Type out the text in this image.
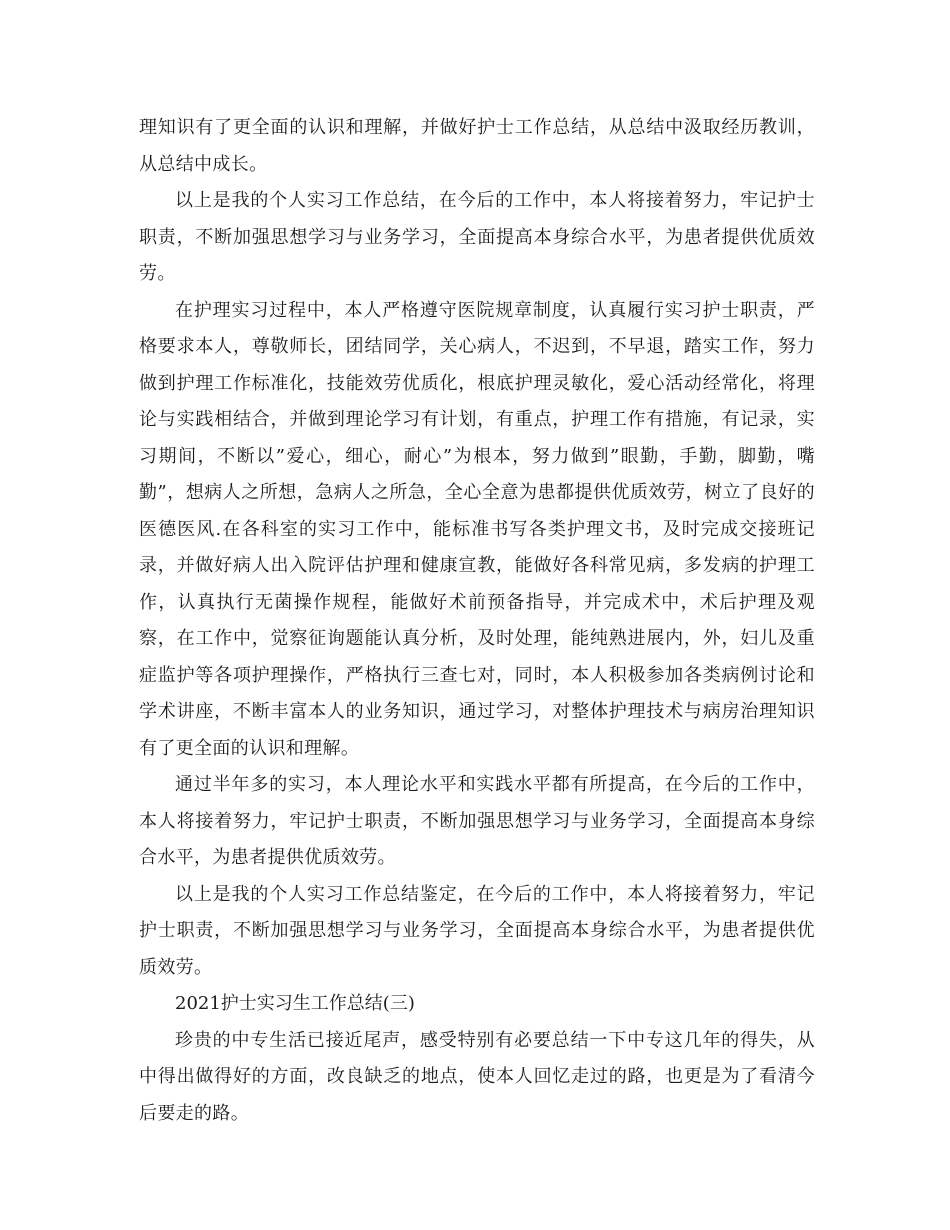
理知识有了更全面的认识和理解，并做好护士工作总结，从总结中汲取经历教训，从总结中成长。

以上是我的个人实习工作总结，在今后的工作中，本人将接着努力，牢记护士职责，不断加强思想学习与业务学习，全面提高本身综合水平，为患者提供优质效劳。

在护理实习过程中，本人严格遵守医院规章制度，认真履行实习护士职责，严格要求本人，尊敬师长，团结同学，关心病人，不迟到，不早退，踏实工作，努力做到护理工作标准化，技能效劳优质化，根底护理灵敏化，爱心活动经常化，将理论与实践相结合，并做到理论学习有计划，有重点，护理工作有措施，有记录，实习期间，不断以”爱心，细心，耐心”为根本，努力做到”眼勤，手勤，脚勤，嘴勤”，想病人之所想，急病人之所急，全心全意为患都提供优质效劳，树立了良好的医德医风.在各科室的实习工作中，能标准书写各类护理文书，及时完成交接班记录，并做好病人出入院评估护理和健康宣教，能做好各科常见病，多发病的护理工作，认真执行无菌操作规程，能做好术前预备指导，并完成术中，术后护理及观察，在工作中，觉察征询题能认真分析，及时处理，能纯熟进展内，外，妇儿及重症监护等各项护理操作，严格执行三查七对，同时，本人积极参加各类病例讨论和学术讲座，不断丰富本人的业务知识，通过学习，对整体护理技术与病房治理知识有了更全面的认识和理解。

通过半年多的实习，本人理论水平和实践水平都有所提高，在今后的工作中，本人将接着努力，牢记护士职责，不断加强思想学习与业务学习，全面提高本身综合水平，为患者提供优质效劳。

以上是我的个人实习工作总结鉴定，在今后的工作中，本人将接着努力，牢记护士职责，不断加强思想学习与业务学习，全面提高本身综合水平，为患者提供优质效劳。

2021护士实习生工作总结(三)

珍贵的中专生活已接近尾声，感受特别有必要总结一下中专这几年的得失，从中得出做得好的方面，改良缺乏的地点，使本人回忆走过的路，也更是为了看清今后要走的路。
